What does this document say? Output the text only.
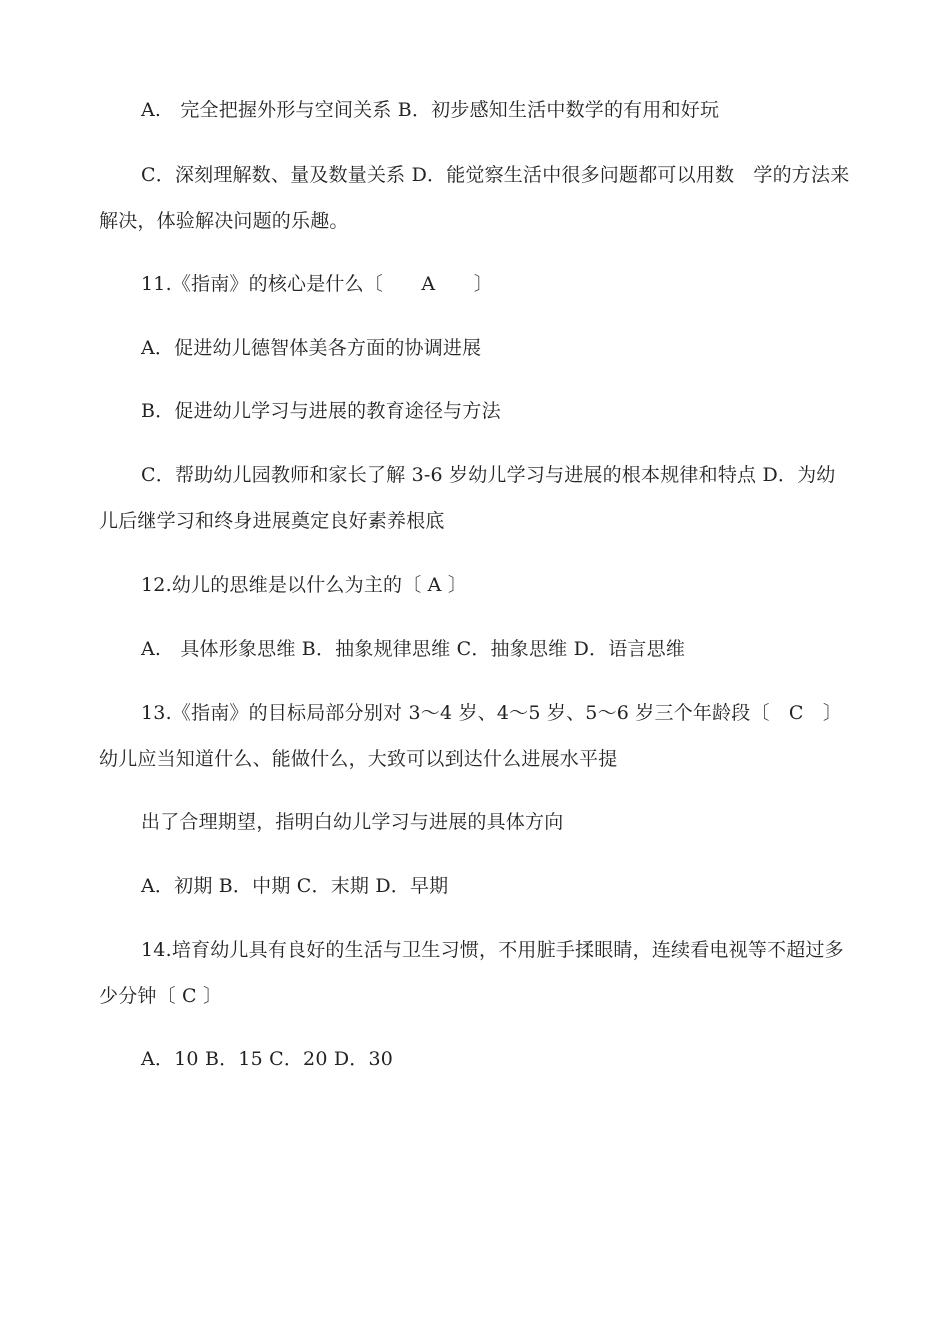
A.　完全把握外形与空间关系 B．初步感知生活中数学的有用和好玩

C．深刻理解数、量及数量关系 D．能觉察生活中很多问题都可以用数　学的方法来解决，体验解决问题的乐趣。

11.《指南》的核心是什么〔　　A　　〕

A．促进幼儿德智体美各方面的协调进展

B．促进幼儿学习与进展的教育途径与方法

C．帮助幼儿园教师和家长了解 3-6 岁幼儿学习与进展的根本规律和特点 D．为幼儿后继学习和终身进展奠定良好素养根底

12.幼儿的思维是以什么为主的〔 A 〕

A.　具体形象思维 B．抽象规律思维 C．抽象思维 D．语言思维

13.《指南》的目标局部分别对 3～4 岁、4～5 岁、5～6 岁三个年龄段〔　C　〕幼儿应当知道什么、能做什么，大致可以到达什么进展水平提

出了合理期望，指明白幼儿学习与进展的具体方向

A．初期 B．中期 C．末期 D．早期

14.培育幼儿具有良好的生活与卫生习惯，不用脏手揉眼睛，连续看电视等不超过多少分钟〔 C 〕

A．10 B．15 C．20 D．30
